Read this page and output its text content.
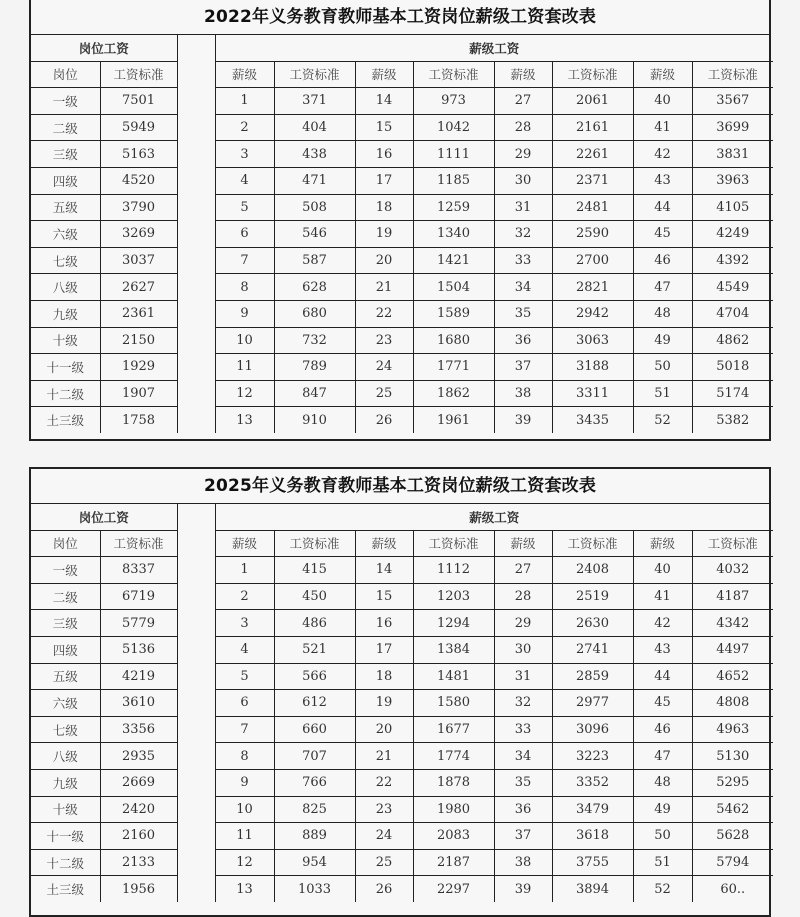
2022年义务教育教师基本工资岗位薪级工资套改表
岗位工资			薪级工资							
岗位	工资标准		薪级	工资标准	薪级	工资标准	薪级	工资标准	薪级	工资标准
一级	7501		1	371	14	973	27	2061	40	3567
二级	5949		2	404	15	1042	28	2161	41	3699
三级	5163		3	438	16	1111	29	2261	42	3831
四级	4520		4	471	17	1185	30	2371	43	3963
五级	3790		5	508	18	1259	31	2481	44	4105
六级	3269		6	546	19	1340	32	2590	45	4249
七级	3037		7	587	20	1421	33	2700	46	4392
八级	2627		8	628	21	1504	34	2821	47	4549
九级	2361		9	680	22	1589	35	2942	48	4704
十级	2150		10	732	23	1680	36	3063	49	4862
十一级	1929		11	789	24	1771	37	3188	50	5018
十二级	1907		12	847	25	1862	38	3311	51	5174
土三级	1758		13	910	26	1961	39	3435	52	5382
2025年义务教育教师基本工资岗位薪级工资套改表
岗位工资			薪级工资							
岗位	工资标准		薪级	工资标准	薪级	工资标准	薪级	工资标准	薪级	工资标准
一级	8337		1	415	14	1112	27	2408	40	4032
二级	6719		2	450	15	1203	28	2519	41	4187
三级	5779		3	486	16	1294	29	2630	42	4342
四级	5136		4	521	17	1384	30	2741	43	4497
五级	4219		5	566	18	1481	31	2859	44	4652
六级	3610		6	612	19	1580	32	2977	45	4808
七级	3356		7	660	20	1677	33	3096	46	4963
八级	2935		8	707	21	1774	34	3223	47	5130
九级	2669		9	766	22	1878	35	3352	48	5295
十级	2420		10	825	23	1980	36	3479	49	5462
十一级	2160		11	889	24	2083	37	3618	50	5628
十二级	2133		12	954	25	2187	38	3755	51	5794
土三级	1956		13	1033	26	2297	39	3894	52	60..
